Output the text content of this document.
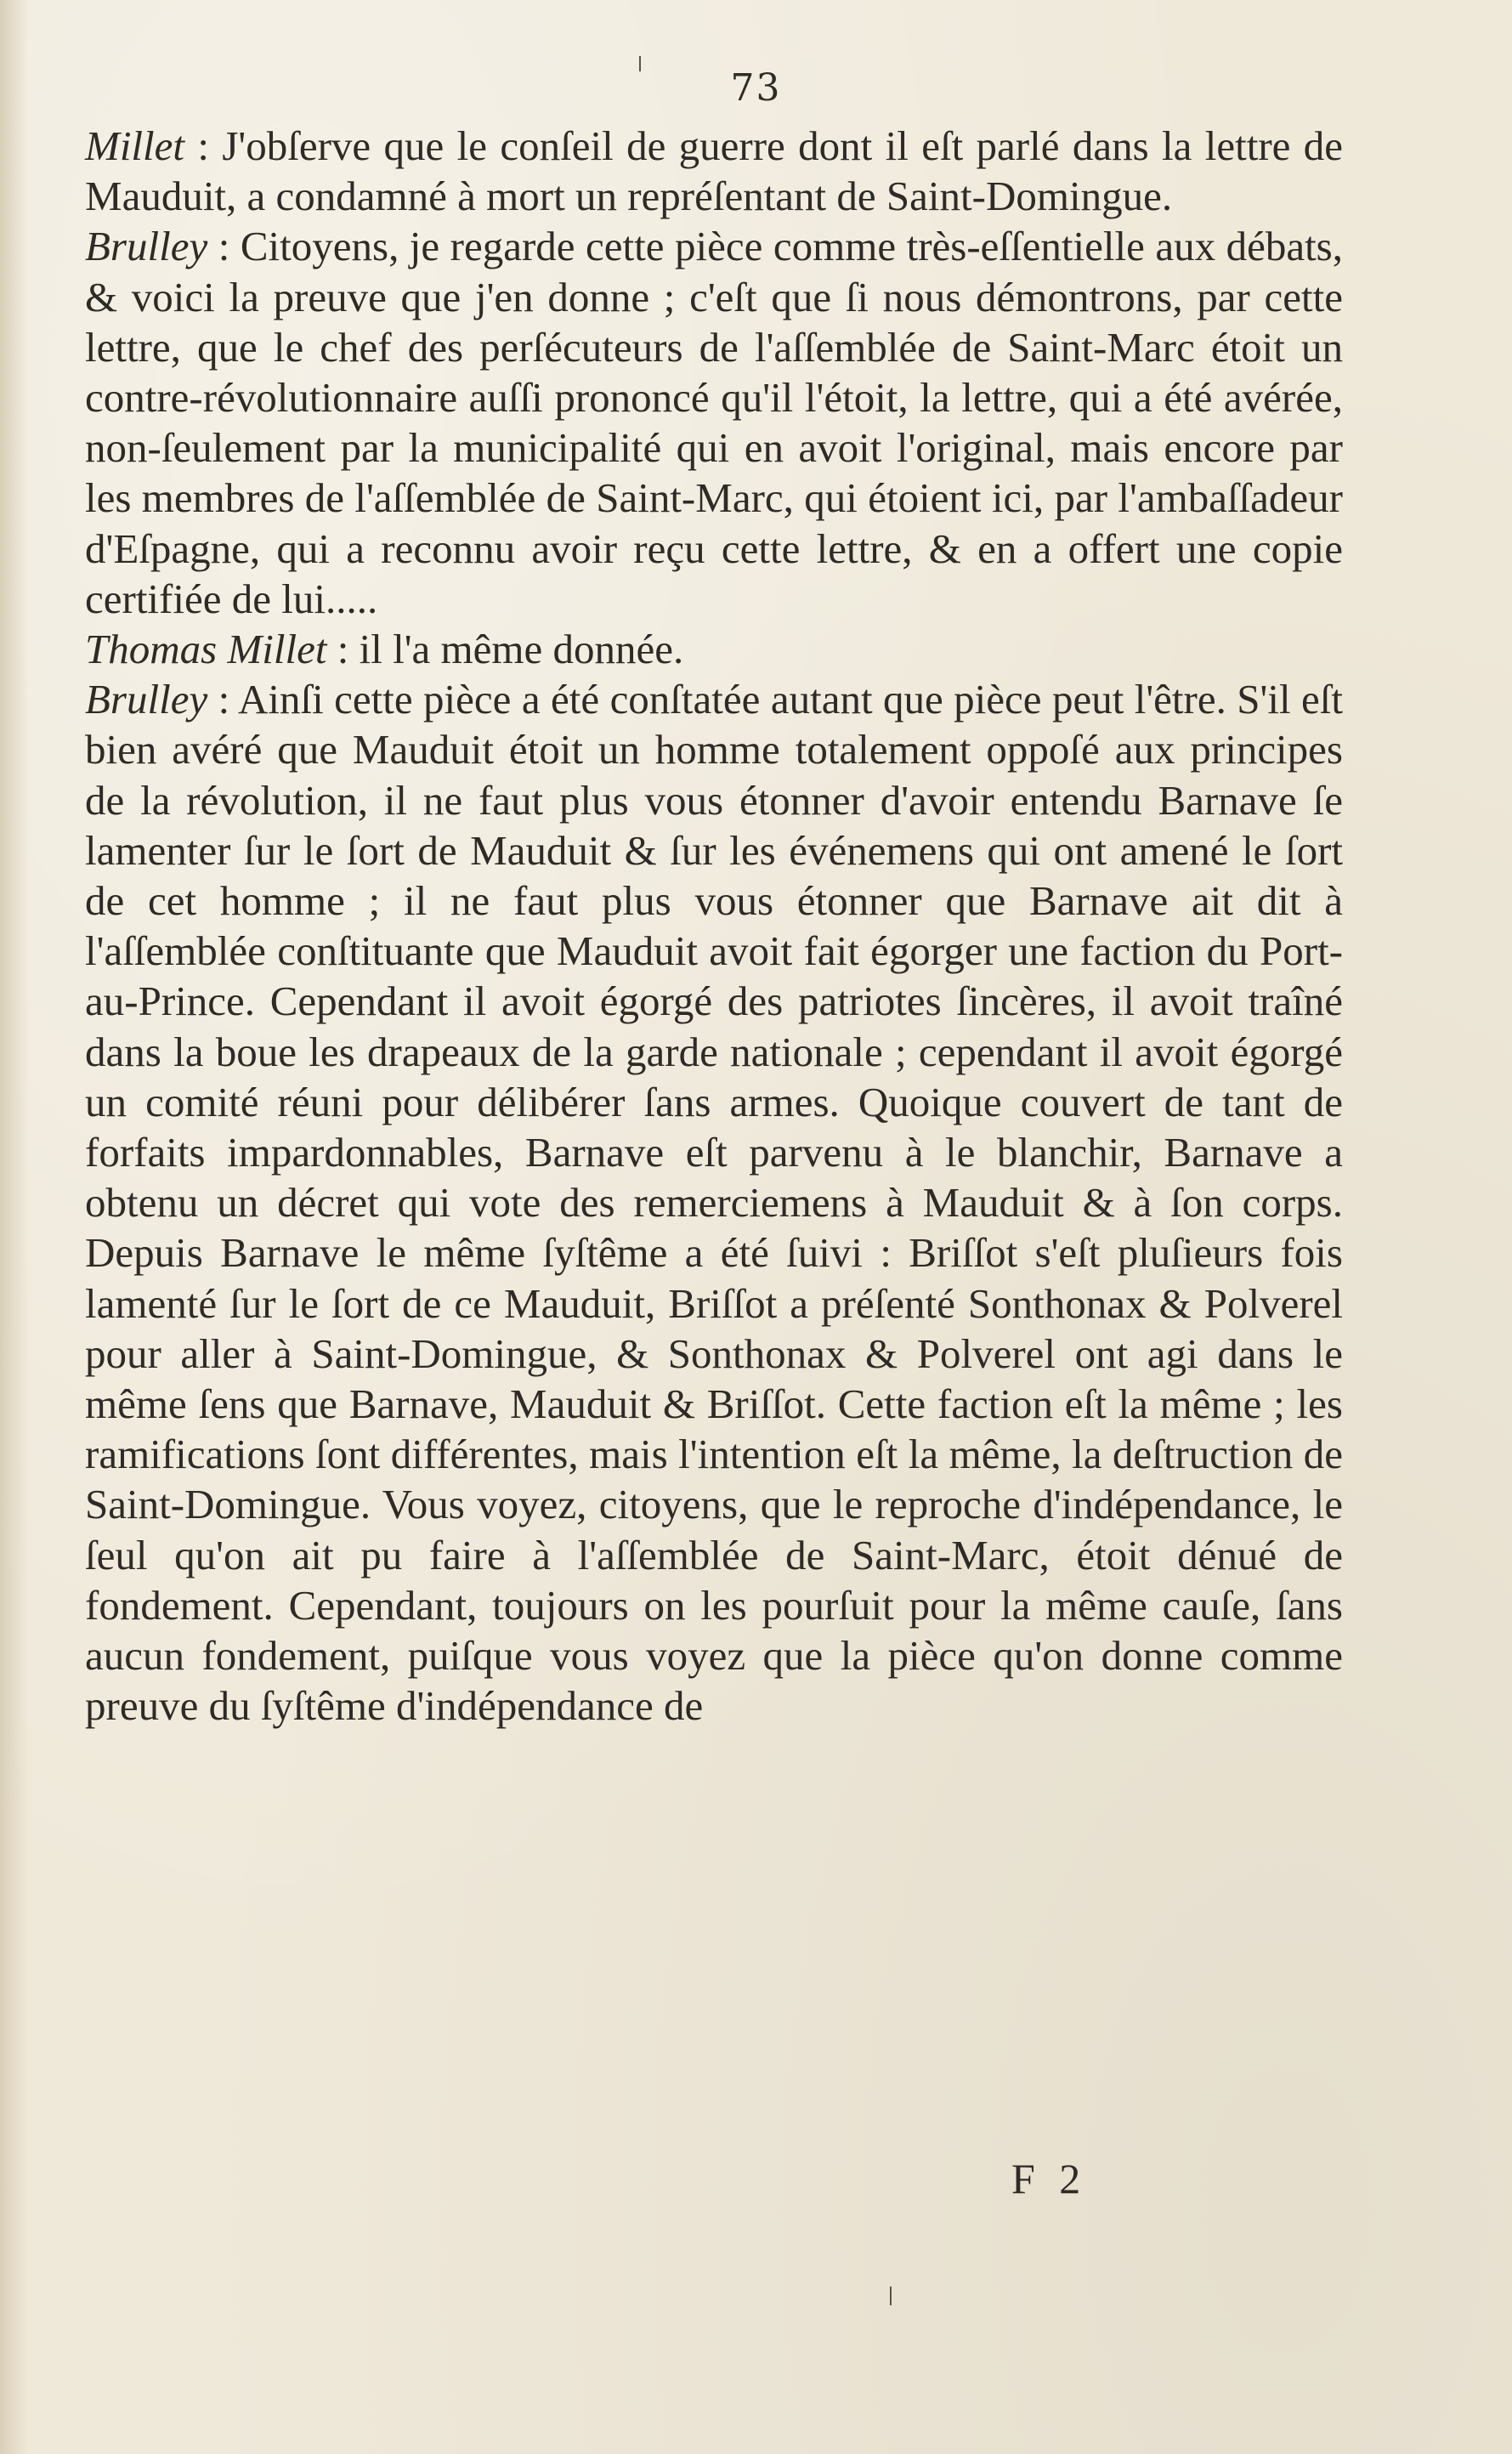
73

Millet : J'obſerve que le conſeil de guerre dont il eſt parlé dans la lettre de Mauduit, a condamné à mort un repréſentant de Saint-Domingue.

Brulley : Citoyens, je regarde cette pièce comme très-eſſentielle aux débats, & voici la preuve que j'en donne ; c'eſt que ſi nous démontrons, par cette lettre, que le chef des perſécuteurs de l'aſſemblée de Saint-Marc étoit un contre-révolutionnaire auſſi prononcé qu'il l'étoit, la lettre, qui a été avérée, non-ſeulement par la municipalité qui en avoit l'original, mais encore par les membres de l'aſſemblée de Saint-Marc, qui étoient ici, par l'ambaſſadeur d'Eſpagne, qui a reconnu avoir reçu cette lettre, & en a offert une copie certifiée de lui.....

Thomas Millet : il l'a même donnée.

Brulley : Ainſi cette pièce a été conſtatée autant que pièce peut l'être. S'il eſt bien avéré que Mauduit étoit un homme totalement oppoſé aux principes de la révolution, il ne faut plus vous étonner d'avoir entendu Barnave ſe lamenter ſur le ſort de Mauduit & ſur les événemens qui ont amené le ſort de cet homme ; il ne faut plus vous étonner que Barnave ait dit à l'aſſemblée conſtituante que Mauduit avoit fait égorger une faction du Port-au-Prince. Cependant il avoit égorgé des patriotes ſincères, il avoit traîné dans la boue les drapeaux de la garde nationale ; cependant il avoit égorgé un comité réuni pour délibérer ſans armes. Quoique couvert de tant de forfaits impardonnables, Barnave eſt parvenu à le blanchir, Barnave a obtenu un décret qui vote des remerciemens à Mauduit & à ſon corps. Depuis Barnave le même ſyſtême a été ſuivi : Briſſot s'eſt pluſieurs fois lamenté ſur le ſort de ce Mauduit, Briſſot a préſenté Sonthonax & Polverel pour aller à Saint-Domingue, & Sonthonax & Polverel ont agi dans le même ſens que Barnave, Mauduit & Briſſot. Cette faction eſt la même ; les ramifications ſont différentes, mais l'intention eſt la même, la deſtruction de Saint-Domingue. Vous voyez, citoyens, que le reproche d'indépendance, le ſeul qu'on ait pu faire à l'aſſemblée de Saint-Marc, étoit dénué de fondement. Cependant, toujours on les pourſuit pour la même cauſe, ſans aucun fondement, puiſque vous voyez que la pièce qu'on donne comme preuve du ſyſtême d'indépendance de

F 2
